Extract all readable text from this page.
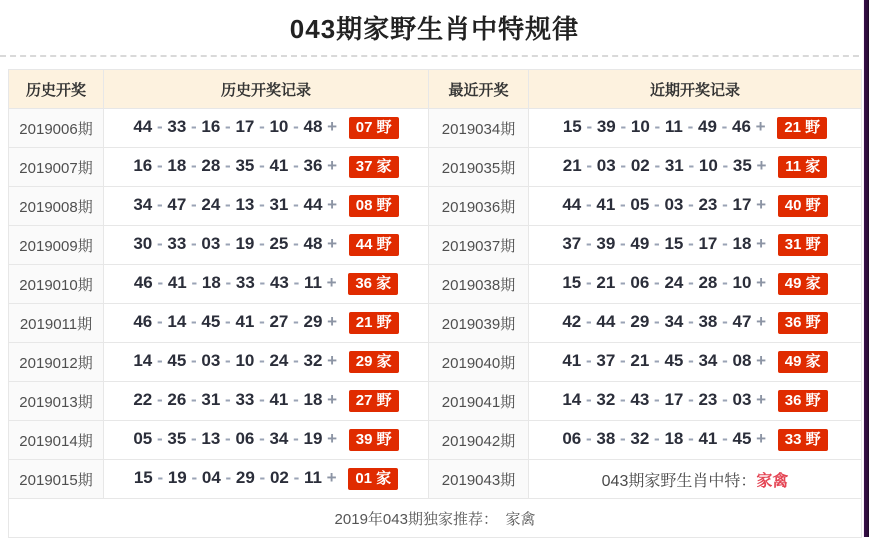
043期家野生肖中特规律
历史开奖	历史开奖记录	最近开奖	近期开奖记录
2019006期	44 - 33 - 16 - 17 - 10 - 48 + 07 野	2019034期	15 - 39 - 10 - 11 - 49 - 46 + 21 野
2019007期	16 - 18 - 28 - 35 - 41 - 36 + 37 家	2019035期	21 - 03 - 02 - 31 - 10 - 35 + 11 家
2019008期	34 - 47 - 24 - 13 - 31 - 44 + 08 野	2019036期	44 - 41 - 05 - 03 - 23 - 17 + 40 野
2019009期	30 - 33 - 03 - 19 - 25 - 48 + 44 野	2019037期	37 - 39 - 49 - 15 - 17 - 18 + 31 野
2019010期	46 - 41 - 18 - 33 - 43 - 11 + 36 家	2019038期	15 - 21 - 06 - 24 - 28 - 10 + 49 家
2019011期	46 - 14 - 45 - 41 - 27 - 29 + 21 野	2019039期	42 - 44 - 29 - 34 - 38 - 47 + 36 野
2019012期	14 - 45 - 03 - 10 - 24 - 32 + 29 家	2019040期	41 - 37 - 21 - 45 - 34 - 08 + 49 家
2019013期	22 - 26 - 31 - 33 - 41 - 18 + 27 野	2019041期	14 - 32 - 43 - 17 - 23 - 03 + 36 野
2019014期	05 - 35 - 13 - 06 - 34 - 19 + 39 野	2019042期	06 - 38 - 32 - 18 - 41 - 45 + 33 野
2019015期	15 - 19 - 04 - 29 - 02 - 11 + 01 家	2019043期	043期家野生肖中特：家禽
2019年043期独家推荐：　家禽			
